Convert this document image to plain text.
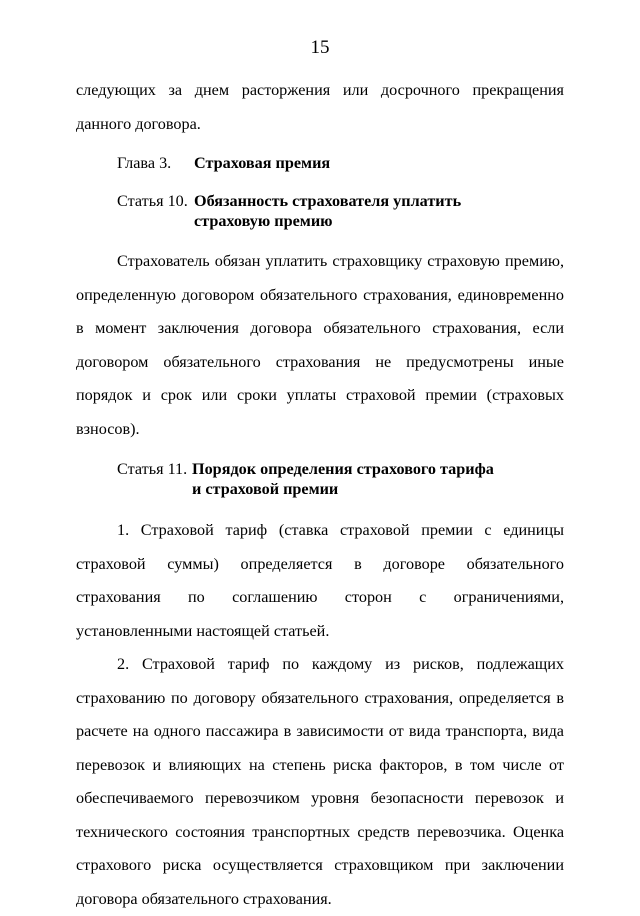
15

следующих за днем расторжения или досрочного прекращения данного договора.

Глава 3.	Страховая премия
Статья 10. Обязанность страхователя уплатить
страховую премию

Страхователь обязан уплатить страховщику страховую премию, определенную договором обязательного страхования, единовременно в момент заключения договора обязательного страхования, если договором обязательного страхования не предусмотрены иные порядок и срок или сроки уплаты страховой премии (страховых взносов).

Статья 11. Порядок определения страхового тарифа
и страховой премии

1. Страховой тариф (ставка страховой премии с единицы страховой суммы) определяется в договоре обязательного страхования по соглашению сторон с ограничениями, установленными настоящей статьей.

2. Страховой тариф по каждому из рисков, подлежащих страхованию по договору обязательного страхования, определяется в расчете на одного пассажира в зависимости от вида транспорта, вида перевозок и влияющих на степень риска факторов, в том числе от обеспечиваемого перевозчиком уровня безопасности перевозок и технического состояния транспортных средств перевозчика. Оценка страхового риска осуществляется страховщиком при заключении договора обязательного страхования.
